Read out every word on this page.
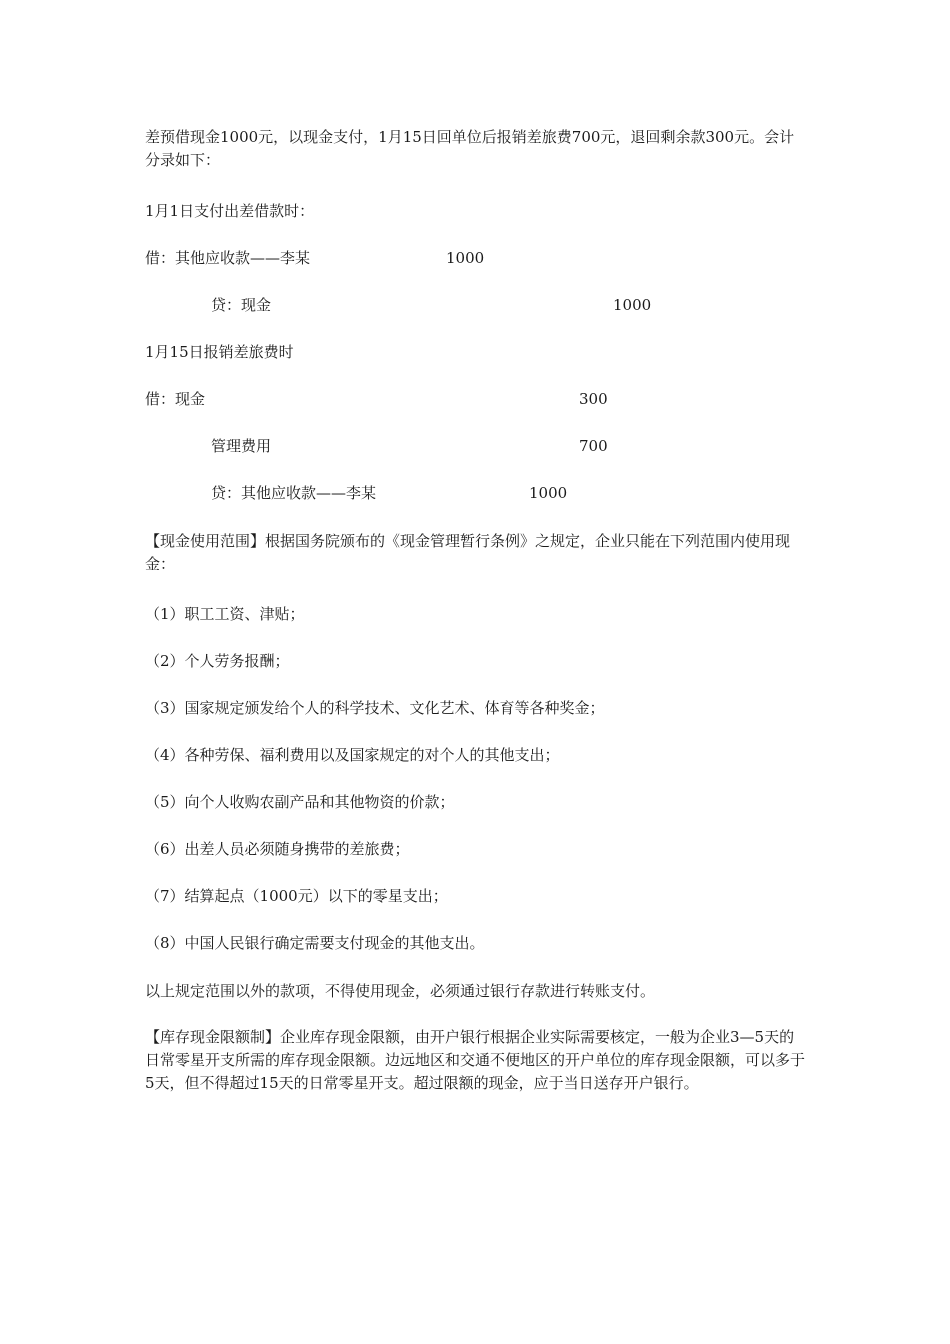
差预借现金1000元，以现金支付，1月15日回单位后报销差旅费700元，退回剩余款300元。会计分录如下：

1月1日支付出差借款时：
借：其他应收款——李某	1000
贷：现金	1000
1月15日报销差旅费时
借：现金	300
管理费用	700
贷：其他应收款——李某	1000

【现金使用范围】根据国务院颁布的《现金管理暂行条例》之规定，企业只能在下列范围内使用现金：

（1）职工工资、津贴；
（2）个人劳务报酬；
（3）国家规定颁发给个人的科学技术、文化艺术、体育等各种奖金；
（4）各种劳保、福利费用以及国家规定的对个人的其他支出；
（5）向个人收购农副产品和其他物资的价款；
（6）出差人员必须随身携带的差旅费；
（7）结算起点（1000元）以下的零星支出；
（8）中国人民银行确定需要支付现金的其他支出。
以上规定范围以外的款项，不得使用现金，必须通过银行存款进行转账支付。

【库存现金限额制】企业库存现金限额，由开户银行根据企业实际需要核定，一般为企业3—5天的日常零星开支所需的库存现金限额。边远地区和交通不便地区的开户单位的库存现金限额，可以多于5天，但不得超过15天的日常零星开支。超过限额的现金，应于当日送存开户银行。
